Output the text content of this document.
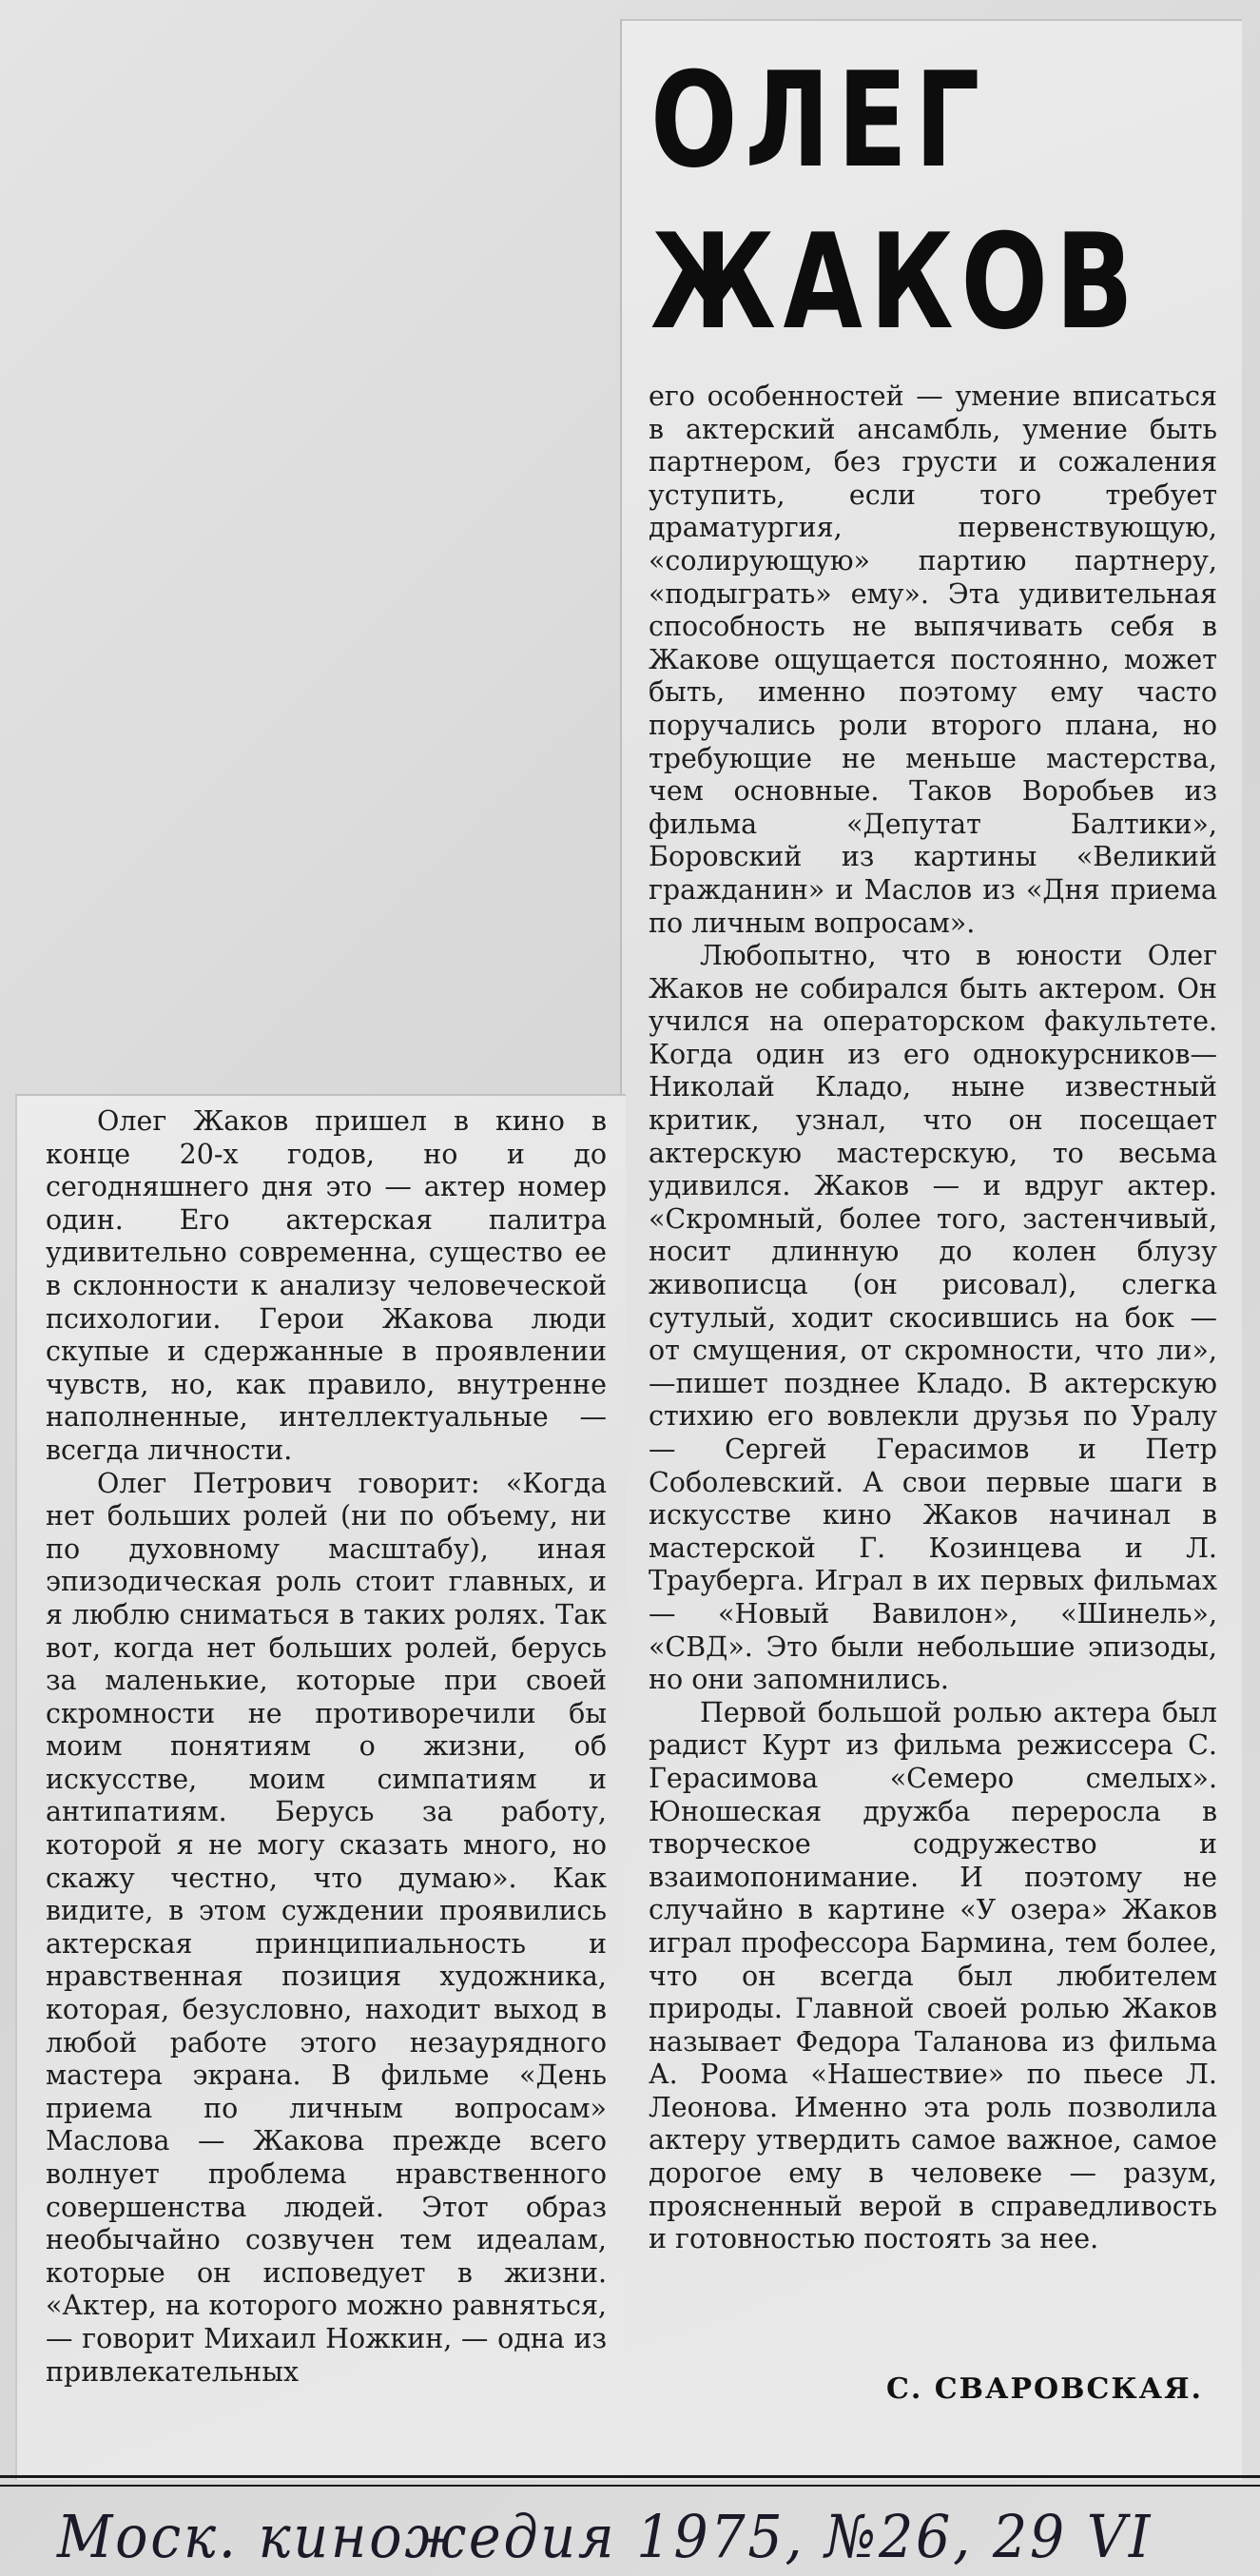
ОЛЕГ
ЖАКОВ

его особенностей — умение вписаться в актерский ансамбль, умение быть партнером, без грусти и сожаления уступить, если того требует драматургия, первенствующую, «солирующую» партию партнеру, «подыграть» ему». Эта удивительная способность не выпячивать себя в Жакове ощущается постоянно, может быть, именно поэтому ему часто поручались роли второго плана, но требующие не меньше мастерства, чем основные. Таков Воробьев из фильма «Депутат Балтики», Боровский из картины «Великий гражданин» и Маслов из «Дня приема по личным вопросам».

Любопытно, что в юности Олег Жаков не собирался быть актером. Он учился на операторском факультете. Когда один из его однокурсников—Николай Кладо, ныне известный критик, узнал, что он посещает актерскую мастерскую, то весьма удивился. Жаков — и вдруг актер. «Скромный, более того, застенчивый, носит длинную до колен блузу живописца (он рисовал), слегка сутулый, ходит скосившись на бок — от смущения, от скромности, что ли»,—пишет позднее Кладо. В актерскую стихию его вовлекли друзья по Уралу — Сергей Герасимов и Петр Соболевский. А свои первые шаги в искусстве кино Жаков начинал в мастерской Г. Козинцева и Л. Трауберга. Играл в их первых фильмах — «Новый Вавилон», «Шинель», «СВД». Это были небольшие эпизоды, но они запомнились.

Первой большой ролью актера был радист Курт из фильма режиссера С. Герасимова «Семеро смелых». Юношеская дружба переросла в творческое содружество и взаимопонимание. И поэтому не случайно в картине «У озера» Жаков играл профессора Бармина, тем более, что он всегда был любителем природы. Главной своей ролью Жаков называет Федора Таланова из фильма А. Роома «Нашествие» по пьесе Л. Леонова. Именно эта роль позволила актеру утвердить самое важное, самое дорогое ему в человеке — разум, проясненный верой в справедливость и готовностью постоять за нее.

Олег Жаков пришел в кино в конце 20-х годов, но и до сегодняшнего дня это — актер номер один. Его актерская палитра удивительно современна, существо ее в склонности к анализу человеческой психологии. Герои Жакова люди скупые и сдержанные в проявлении чувств, но, как правило, внутренне наполненные, интеллектуальные — всегда личности.

Олег Петрович говорит: «Когда нет больших ролей (ни по объему, ни по духовному масштабу), иная эпизодическая роль стоит главных, и я люблю сниматься в таких ролях. Так вот, когда нет больших ролей, берусь за маленькие, которые при своей скромности не противоречили бы моим понятиям о жизни, об искусстве, моим симпатиям и антипатиям. Берусь за работу, которой я не могу сказать много, но скажу честно, что думаю». Как видите, в этом суждении проявились актерская принципиальность и нравственная позиция художника, которая, безусловно, находит выход в любой работе этого незаурядного мастера экрана. В фильме «День приема по личным вопросам» Маслова — Жакова прежде всего волнует проблема нравственного совершенства людей. Этот образ необычайно созвучен тем идеалам, которые он исповедует в жизни. «Актер, на которого можно равняться, — говорит Михаил Ножкин, — одна из привлекательных

С. СВАРОВСКАЯ.

Моск. киножедия 1975, №26, 29 VI
